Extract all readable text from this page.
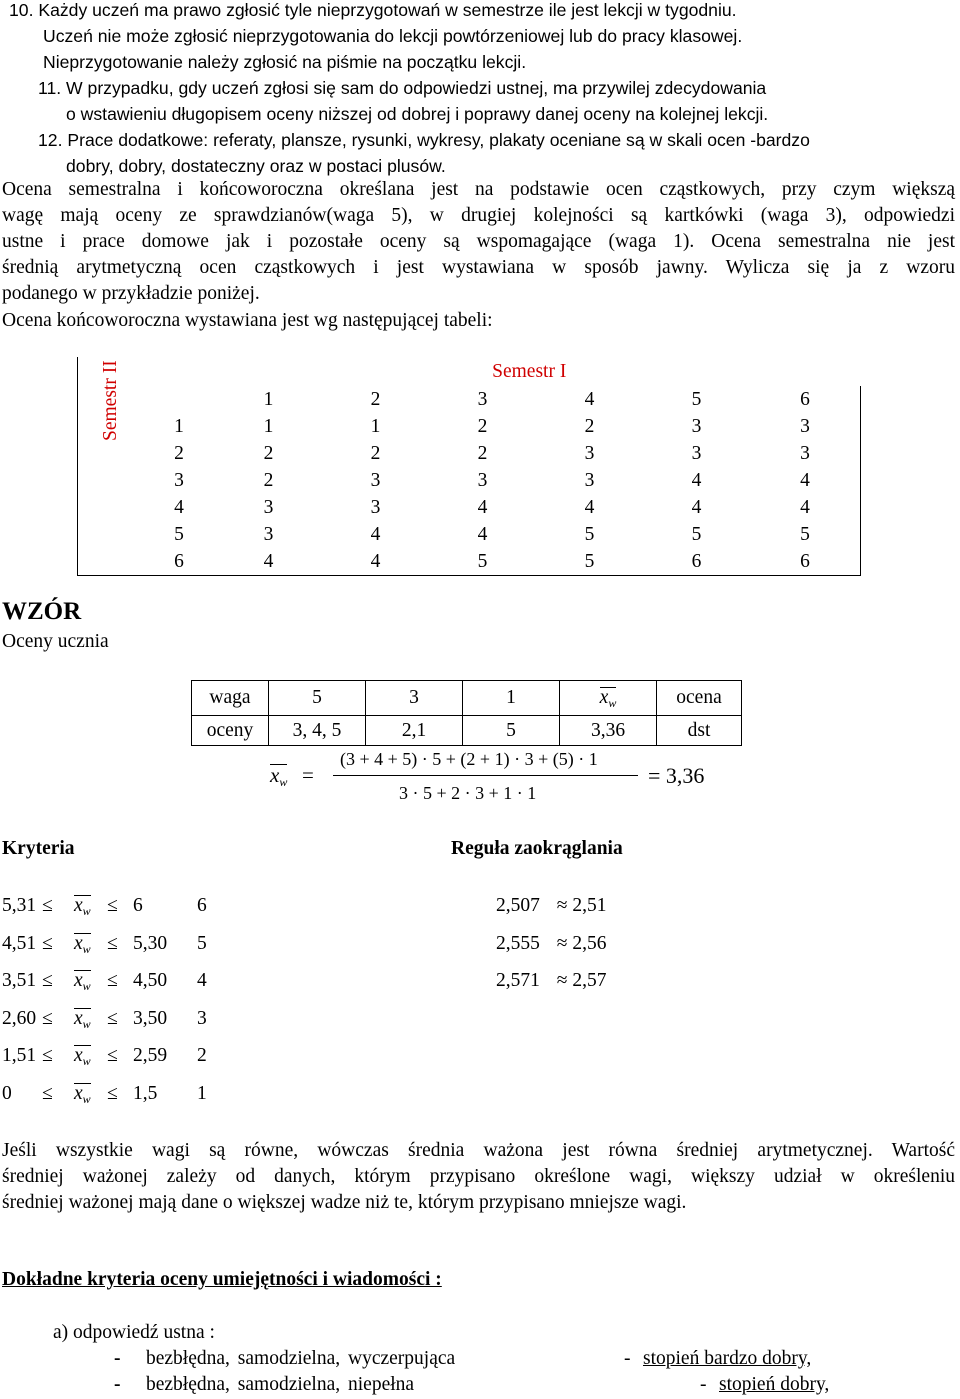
10. Każdy uczeń ma prawo zgłosić tyle nieprzygotowań w semestrze ile jest lekcji w tygodniu.
Uczeń nie może zgłosić nieprzygotowania do lekcji powtórzeniowej lub do pracy klasowej.
Nieprzygotowanie należy zgłosić na piśmie na początku lekcji.
11. W przypadku, gdy uczeń zgłosi się sam do odpowiedzi ustnej, ma przywilej zdecydowania
o wstawieniu długopisem oceny niższej od dobrej i poprawy danej oceny na kolejnej lekcji.
12. Prace dodatkowe: referaty, plansze, rysunki, wykresy, plakaty oceniane są w skali ocen -bardzo
dobry, dobry, dostateczny oraz w postaci plusów.
Ocena semestralna i końcoworoczna określana jest na podstawie ocen cząstkowych, przy czym większą
wagę mają oceny ze sprawdzianów(waga 5), w drugiej kolejności są kartkówki (waga 3), odpowiedzi
ustne i prace domowe jak i pozostałe oceny są wspomagające (waga 1). Ocena semestralna nie jest
średnią arytmetyczną ocen cząstkowych i jest wystawiana w sposób jawny. Wylicza się ja z wzoru
podanego w przykładzie poniżej.
Ocena końcoworoczna wystawiana jest wg następującej tabeli:
Semestr II	Semestr I						
		1	2	3	4	5	6
	1	1	1	2	2	3	3
	2	2	2	2	3	3	3
	3	2	3	3	3	4	4
	4	3	3	4	4	4	4
	5	3	4	4	5	5	5
	6	4	4	5	5	6	6
WZÓR
Oceny ucznia
waga	5	3	1	$x_w$	ocena
oceny	3, 4, 5	2,1	5	3,36	dst
$x_w$ =
(3 + 4 + 5) · 5 + (2 + 1) · 3 + (5) · 1
3 · 5 + 2 · 3 + 1 · 1
= 3,36
Kryteria	Reguła zaokrąglania
$5,31 \le x_w \le 6$	6
$4,51 \le x_w \le 5,30$ 5
$3,51 \le x_w \le 4,50$ 4
$2,60 \le x_w \le 3,50$ 3
$1,51 \le x_w \le 2,59$ 2
$0 \le x_w \le 1,5$ 1
2,507 ≈ 2,51
2,555 ≈ 2,56
2,571 ≈ 2,57
Jeśli wszystkie wagi są równe, wówczas średnia ważona jest równa średniej arytmetycznej. Wartość
średniej ważonej zależy od danych, którym przypisano określone wagi, większy udział w określeniu
średniej ważonej mają dane o większej wadze niż te, którym przypisano mniejsze wagi.
Dokładne kryteria oceny umiejętności i wiadomości :
a) odpowiedź ustna :
- bezbłędna, samodzielna, wyczerpująca	- stopień bardzo dobry,
- bezbłędna, samodzielna, niepełna	- stopień dobry,
